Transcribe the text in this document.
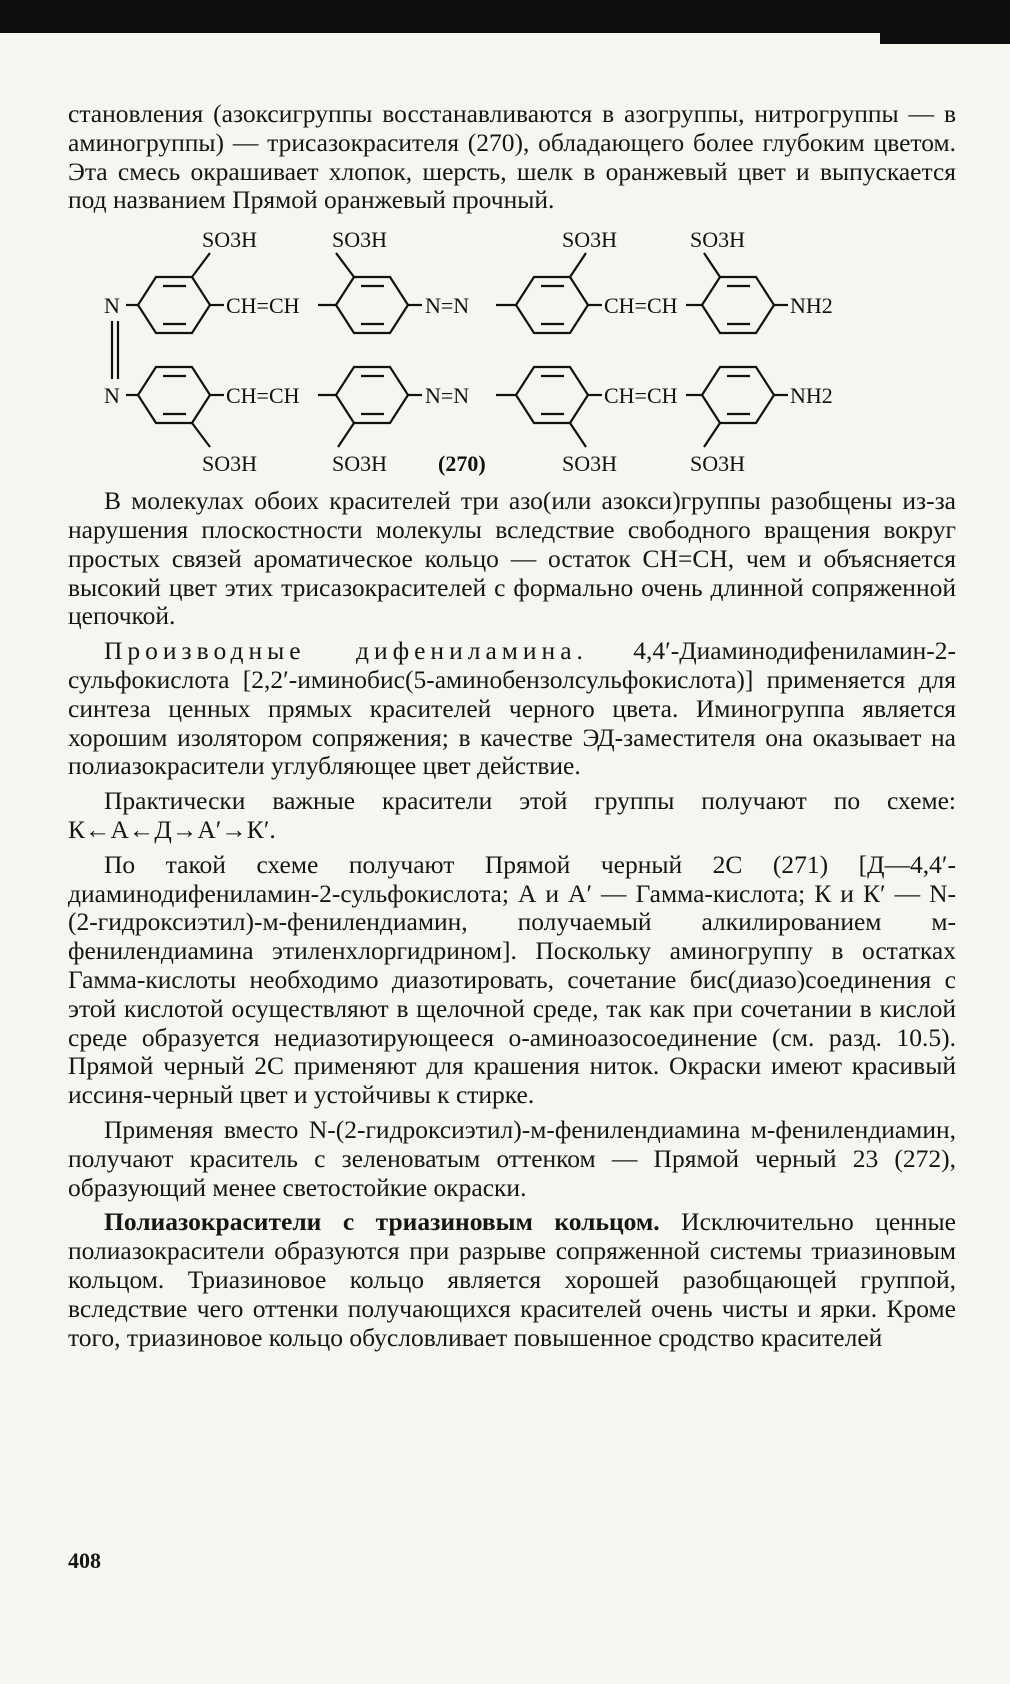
становления (азоксигруппы восстанавливаются в азогруппы, нитрогруппы — в аминогруппы) — трисазокрасителя (270), обладающего более глубоким цветом. Эта смесь окрашивает хлопок, шерсть, шелк в оранжевый цвет и выпускается под названием Прямой оранжевый прочный.

N
N
CH=CH	N=N	CH=CH
CH=CH	N=N	CH=CH
NH2
NH2
SO3H	SO3H	SO3H	SO3H
SO3H	SO3H	SO3H	SO3H
(270)

В молекулах обоих красителей три азо(или азокси)группы разобщены из-за нарушения плоскостности молекулы вследствие свободного вращения вокруг простых связей ароматическое кольцо — остаток CH=CH, чем и объясняется высокий цвет этих трисазокрасителей с формально очень длинной сопряженной цепочкой.

Производные дифениламина. 4,4′-Диаминодифениламин-2-сульфокислота [2,2′-иминобис(5-аминобензолсульфокислота)] применяется для синтеза ценных прямых красителей черного цвета. Иминогруппа является хорошим изолятором сопряжения; в качестве ЭД-заместителя она оказывает на полиазокрасители углубляющее цвет действие.

Практически важные красители этой группы получают по схеме: К←А←Д→А′→К′.

По такой схеме получают Прямой черный 2С (271) [Д—4,4′-диаминодифениламин-2-сульфокислота; А и А′ — Гамма-кислота; К и К′ — N-(2-гидроксиэтил)-м-фенилендиамин, получаемый алкилированием м-фенилендиамина этиленхлоргидрином]. Поскольку аминогруппу в остатках Гамма-кислоты необходимо диазотировать, сочетание бис(диазо)соединения с этой кислотой осуществляют в щелочной среде, так как при сочетании в кислой среде образуется недиазотирующееся о-аминоазосоединение (см. разд. 10.5). Прямой черный 2С применяют для крашения ниток. Окраски имеют красивый иссиня-черный цвет и устойчивы к стирке.

Применяя вместо N-(2-гидроксиэтил)-м-фенилендиамина м-фенилендиамин, получают краситель с зеленоватым оттенком — Прямой черный 23 (272), образующий менее светостойкие окраски.

Полиазокрасители с триазиновым кольцом. Исключительно ценные полиазокрасители образуются при разрыве сопряженной системы триазиновым кольцом. Триазиновое кольцо является хорошей разобщающей группой, вследствие чего оттенки получающихся красителей очень чисты и ярки. Кроме того, триазиновое кольцо обусловливает повышенное сродство красителей

408
